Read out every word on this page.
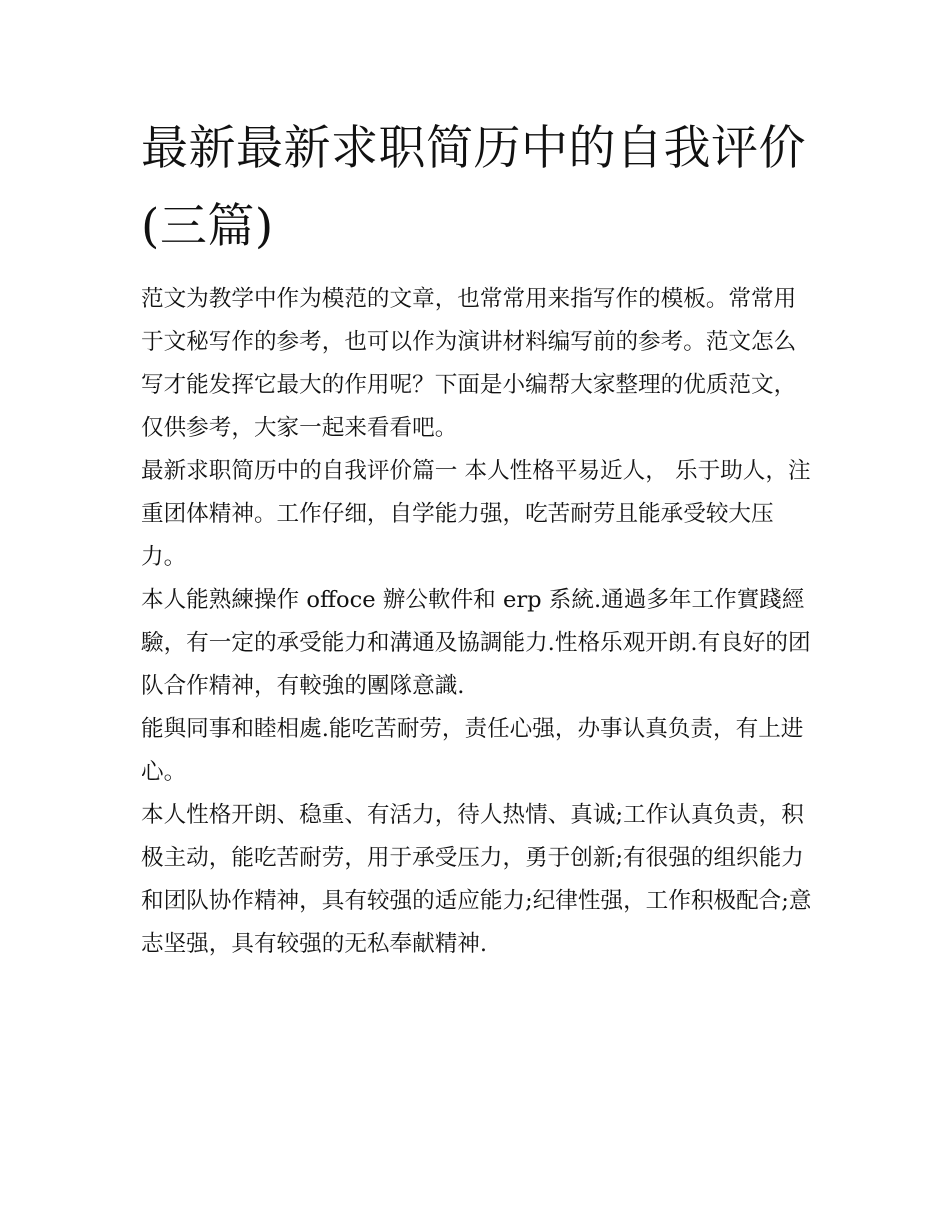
最新最新求职简历中的自我评价(三篇)

范文为教学中作为模范的文章，也常常用来指写作的模板。常常用于文秘写作的参考，也可以作为演讲材料编写前的参考。范文怎么写才能发挥它最大的作用呢？下面是小编帮大家整理的优质范文，仅供参考，大家一起来看看吧。

最新求职简历中的自我评价篇一 本人性格平易近人， 乐于助人，注重团体精神。工作仔细，自学能力强，吃苦耐劳且能承受较大压力。

本人能熟練操作 offoce 辦公軟件和 erp 系統.通過多年工作實踐經驗，有一定的承受能力和溝通及協調能力.性格乐观开朗.有良好的团队合作精神，有較強的團隊意識.

能與同事和睦相處.能吃苦耐劳，责任心强，办事认真负责，有上进心。

本人性格开朗、稳重、有活力，待人热情、真诚;工作认真负责，积极主动，能吃苦耐劳，用于承受压力，勇于创新;有很强的组织能力和团队协作精神，具有较强的适应能力;纪律性强，工作积极配合;意志坚强，具有较强的无私奉献精神.
